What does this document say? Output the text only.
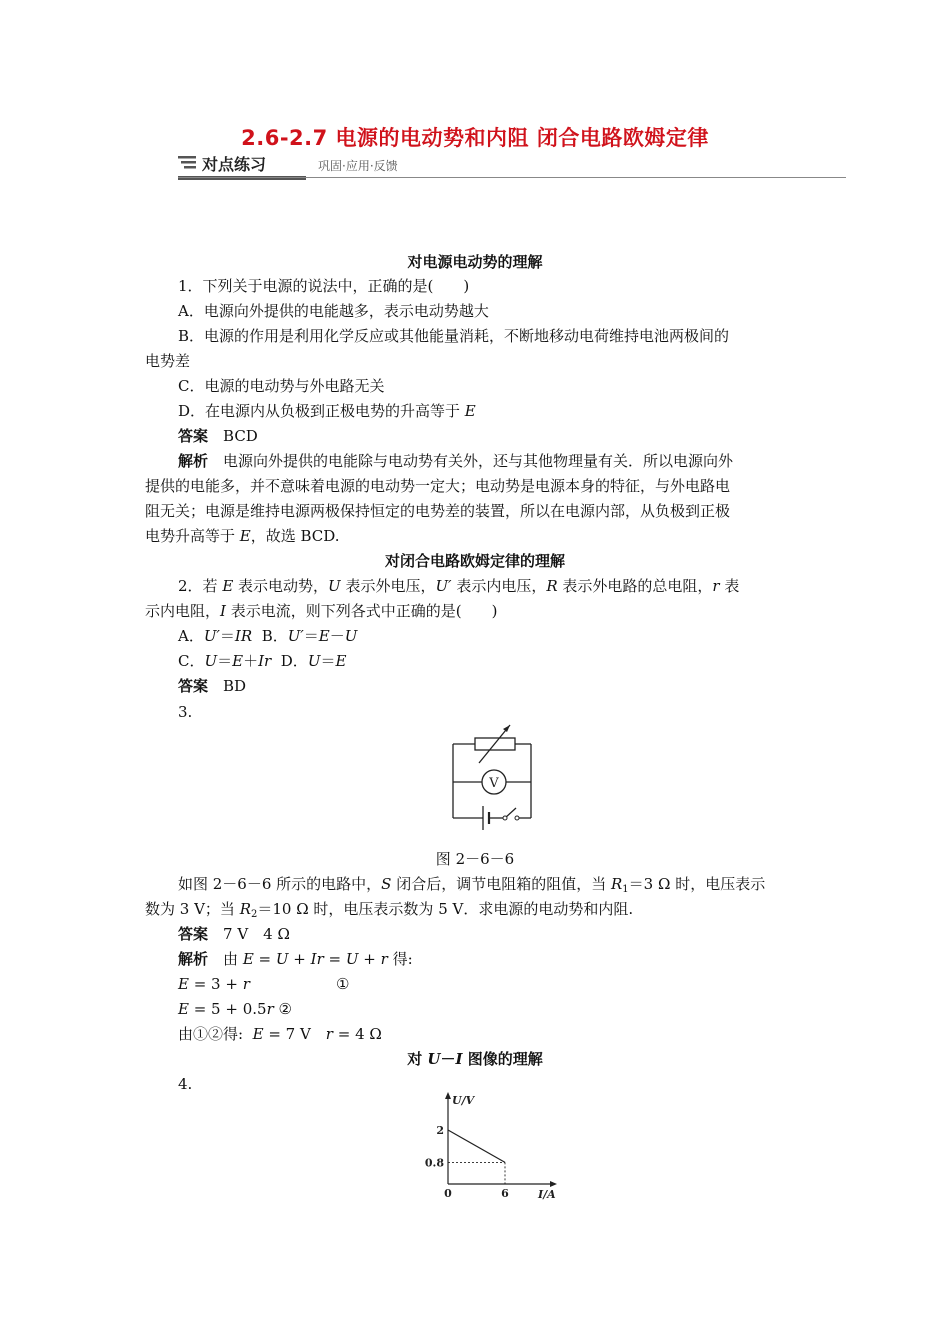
2.6-2.7 电源的电动势和内阻 闭合电路欧姆定律
对点练习	巩固·应用·反馈
对电源电动势的理解
1．下列关于电源的说法中，正确的是(　　)
A．电源向外提供的电能越多，表示电动势越大
B．电源的作用是利用化学反应或其他能量消耗，不断地移动电荷维持电池两极间的
电势差
C．电源的电动势与外电路无关
D．在电源内从负极到正极电势的升高等于 E
答案　 BCD
解析　 电源向外提供的电能除与电动势有关外，还与其他物理量有关．所以电源向外
提供的电能多，并不意味着电源的电动势一定大；电动势是电源本身的特征，与外电路电
阻无关；电源是维持电源两极保持恒定的电势差的装置，所以在电源内部，从负极到正极
电势升高等于 E，故选 BCD.
对闭合电路欧姆定律的理解
2．若 E 表示电动势，U 表示外电压，U′ 表示内电压，R 表示外电路的总电阻，r 表
示内电阻，I 表示电流，则下列各式中正确的是(　　)
A．U′＝IR  B．U′＝E－U
C．U＝E＋Ir  D．U＝E
答案　 BD
3.
V
图 2－6－6
如图 2－6－6 所示的电路中，S 闭合后，调节电阻箱的阻值，当 $R_1=3$ Ω 时，电压表示
数为 3 V；当 $R_2=10$ Ω 时，电压表示数为 5 V．求电源的电动势和内阻.
答案　 7 V　4 Ω
解析　 由 E = U + Ir = U + r 得:
E = 3 + r	①
E = 5 + 0.5r ②
由①②得:  E = 7 V　r = 4 Ω
对 U－I 图像的理解
4.
2
0.8
0	6
U/V
I/A
